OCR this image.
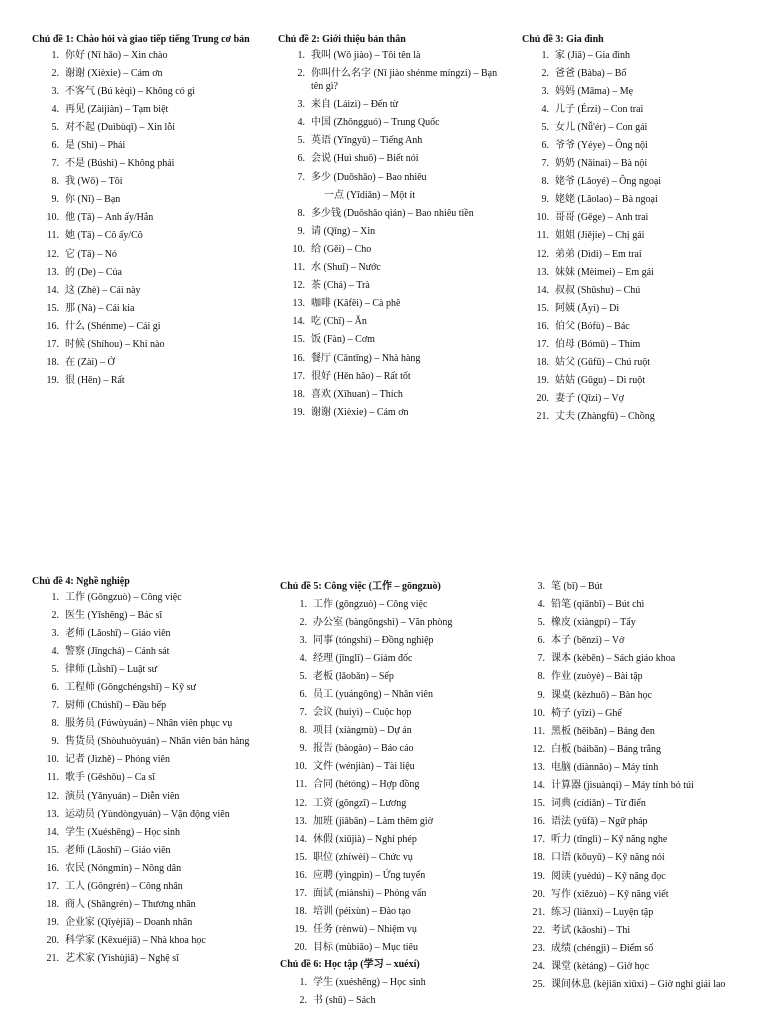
Chủ đề 1: Chào hỏi và giao tiếp tiếng Trung cơ bản
1. 你好 (Nǐ hǎo) – Xin chào
2. 谢谢 (Xièxie) – Cảm ơn
3. 不客气 (Bú kèqì) – Không có gì
4. 再见 (Zàijiàn) – Tạm biệt
5. 对不起 (Duìbùqǐ) – Xin lỗi
6. 是 (Shì) – Phải
7. 不是 (Búshì) – Không phải
8. 我 (Wǒ) – Tôi
9. 你 (Nǐ) – Bạn
10. 他 (Tā) – Anh ấy/Hắn
11. 她 (Tā) – Cô ấy/Cô
12. 它 (Tā) – Nó
13. 的 (De) – Của
14. 这 (Zhè) – Cái này
15. 那 (Nà) – Cái kia
16. 什么 (Shénme) – Cái gì
17. 时候 (Shíhou) – Khi nào
18. 在 (Zài) – Ở
19. 很 (Hěn) – Rất
Chủ đề 2: Giới thiệu bản thân
1. 我叫 (Wǒ jiào) – Tôi tên là
2. 你叫什么名字 (Nǐ jiào shénme míngzi) – Bạn tên gì?
3. 来自 (Láizì) – Đến từ
4. 中国 (Zhōngguó) – Trung Quốc
5. 英语 (Yīngyǔ) – Tiếng Anh
6. 会说 (Huì shuō) – Biết nói
7. 多少 (Duōshǎo) – Bao nhiêu
一点 (Yīdiǎn) – Một ít
8. 多少钱 (Duōshǎo qián) – Bao nhiêu tiền
9. 请 (Qǐng) – Xin
10. 给 (Gěi) – Cho
11. 水 (Shuǐ) – Nước
12. 茶 (Chá) – Trà
13. 咖啡 (Kāfēi) – Cà phê
14. 吃 (Chī) – Ăn
15. 饭 (Fàn) – Cơm
16. 餐厅 (Cāntīng) – Nhà hàng
17. 很好 (Hěn hǎo) – Rất tốt
18. 喜欢 (Xǐhuan) – Thích
19. 谢谢 (Xièxie) – Cảm ơn
Chủ đề 3: Gia đình
1. 家 (Jiā) – Gia đình
2. 爸爸 (Bàba) – Bố
3. 妈妈 (Māma) – Mẹ
4. 儿子 (Érzi) – Con trai
5. 女儿 (Nǚ'ér) – Con gái
6. 爷爷 (Yéye) – Ông nội
7. 奶奶 (Nǎinai) – Bà nội
8. 姥爷 (Lǎoyé) – Ông ngoại
9. 姥姥 (Lǎolao) – Bà ngoại
10. 哥哥 (Gēge) – Anh trai
11. 姐姐 (Jiějie) – Chị gái
12. 弟弟 (Dìdi) – Em trai
13. 妹妹 (Mèimei) – Em gái
14. 叔叔 (Shūshu) – Chú
15. 阿姨 (Āyí) – Dì
16. 伯父 (Bófù) – Bác
17. 伯母 (Bómǔ) – Thím
18. 姑父 (Gūfū) – Chú ruột
19. 姑姑 (Gūgu) – Dì ruột
20. 妻子 (Qīzi) – Vợ
21. 丈夫 (Zhàngfū) – Chồng
Chủ đề 4: Nghề nghiệp
1. 工作 (Gōngzuò) – Công việc
2. 医生 (Yīshēng) – Bác sĩ
3. 老师 (Lǎoshī) – Giáo viên
4. 警察 (Jǐngchá) – Cảnh sát
5. 律师 (Lǜshī) – Luật sư
6. 工程师 (Gōngchéngshī) – Kỹ sư
7. 厨师 (Chúshī) – Đầu bếp
8. 服务员 (Fúwùyuán) – Nhân viên phục vụ
9. 售货员 (Shòuhuòyuán) – Nhân viên bán hàng
10. 记者 (Jìzhě) – Phóng viên
11. 歌手 (Gēshǒu) – Ca sĩ
12. 演员 (Yǎnyuán) – Diễn viên
13. 运动员 (Yùndòngyuán) – Vận động viên
14. 学生 (Xuéshēng) – Học sinh
15. 老师 (Lǎoshī) – Giáo viên
16. 农民 (Nóngmín) – Nông dân
17. 工人 (Gōngrén) – Công nhân
18. 商人 (Shāngrén) – Thương nhân
19. 企业家 (Qǐyèjiā) – Doanh nhân
20. 科学家 (Kēxuéjiā) – Nhà khoa học
21. 艺术家 (Yìshùjiā) – Nghệ sĩ
Chủ đề 5: Công việc (工作 – gōngzuò)
1. 工作 (gōngzuò) – Công việc
2. 办公室 (bàngōngshì) – Văn phòng
3. 同事 (tóngshì) – Đồng nghiệp
4. 经理 (jīnglǐ) – Giám đốc
5. 老板 (lǎobǎn) – Sếp
6. 员工 (yuángōng) – Nhân viên
7. 会议 (huìyì) – Cuộc họp
8. 项目 (xiàngmù) – Dự án
9. 报告 (bàogào) – Báo cáo
10. 文件 (wénjiàn) – Tài liệu
11. 合同 (hétóng) – Hợp đồng
12. 工资 (gōngzī) – Lương
13. 加班 (jiābān) – Làm thêm giờ
14. 休假 (xiūjià) – Nghỉ phép
15. 职位 (zhíwèi) – Chức vụ
16. 应聘 (yìngpìn) – Ứng tuyển
17. 面试 (miànshì) – Phỏng vấn
18. 培训 (péixùn) – Đào tạo
19. 任务 (rènwù) – Nhiệm vụ
20. 目标 (mùbiāo) – Mục tiêu
Chủ đề 6: Học tập (学习 – xuéxí)
1. 学生 (xuéshēng) – Học sinh
2. 书 (shū) – Sách
3. 笔 (bǐ) – Bút
4. 铅笔 (qiānbǐ) – Bút chì
5. 橡皮 (xiàngpí) – Tẩy
6. 本子 (běnzi) – Vở
7. 课本 (kèběn) – Sách giáo khoa
8. 作业 (zuòyè) – Bài tập
9. 课桌 (kèzhuō) – Bàn học
10. 椅子 (yǐzi) – Ghế
11. 黑板 (hēibǎn) – Bảng đen
12. 白板 (báibǎn) – Bảng trắng
13. 电脑 (diànnǎo) – Máy tính
14. 计算器 (jìsuànqì) – Máy tính bỏ túi
15. 词典 (cídiǎn) – Từ điển
16. 语法 (yǔfǎ) – Ngữ pháp
17. 听力 (tīnglì) – Kỹ năng nghe
18. 口语 (kǒuyǔ) – Kỹ năng nói
19. 阅读 (yuèdú) – Kỹ năng đọc
20. 写作 (xiězuò) – Kỹ năng viết
21. 练习 (liànxí) – Luyện tập
22. 考试 (kǎoshì) – Thi
23. 成绩 (chéngjì) – Điểm số
24. 课堂 (kètáng) – Giờ học
25. 课间休息 (kèjiān xiūxi) – Giờ nghỉ giải lao
